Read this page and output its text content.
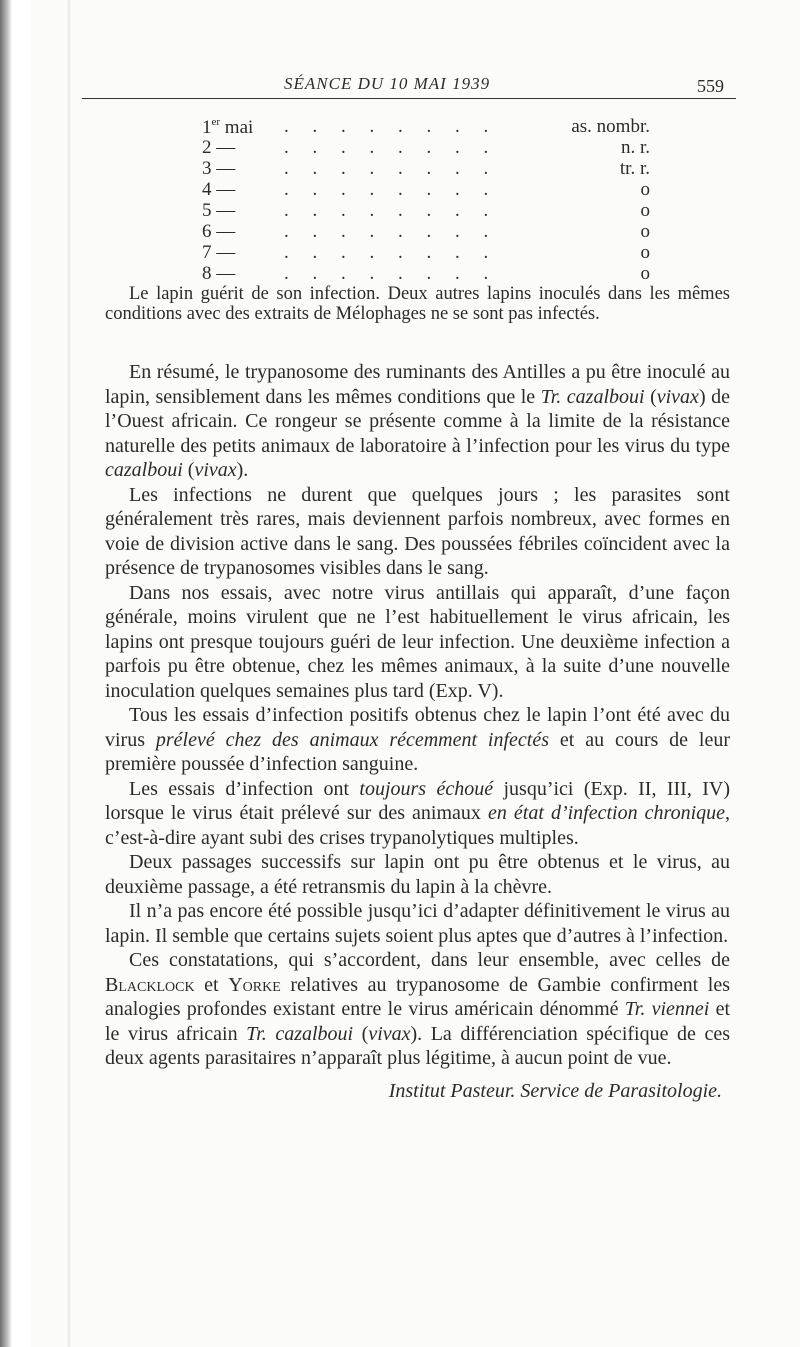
SÉANCE DU 10 MAI 1939	559
1er mai . . . . . . . .	as. nombr.
2 —	. . . . . . . .	n. r.
3 —	. . . . . . . .	tr. r.
4 —	. . . . . . . .	o
5 —	. . . . . . . .	o
6 —	. . . . . . . .	o
7 —	. . . . . . . .	o
8 —	. . . . . . . .	o

Le lapin guérit de son infection. Deux autres lapins inoculés dans les mêmes conditions avec des extraits de Mélophages ne se sont pas infectés.

En résumé, le trypanosome des ruminants des Antilles a pu être inoculé au lapin, sensiblement dans les mêmes conditions que le Tr. cazalboui (vivax) de l’Ouest africain. Ce rongeur se présente comme à la limite de la résistance naturelle des petits animaux de laboratoire à l’infection pour les virus du type cazalboui (vivax).

Les infections ne durent que quelques jours ; les parasites sont généralement très rares, mais deviennent parfois nombreux, avec formes en voie de division active dans le sang. Des poussées fébriles coïncident avec la présence de trypanosomes visibles dans le sang.

Dans nos essais, avec notre virus antillais qui apparaît, d’une façon générale, moins virulent que ne l’est habituellement le virus africain, les lapins ont presque toujours guéri de leur infection. Une deuxième infection a parfois pu être obtenue, chez les mêmes animaux, à la suite d’une nouvelle inoculation quelques semaines plus tard (Exp. V).

Tous les essais d’infection positifs obtenus chez le lapin l’ont été avec du virus prélevé chez des animaux récemment infectés et au cours de leur première poussée d’infection sanguine.

Les essais d’infection ont toujours échoué jusqu’ici (Exp. II, III, IV) lorsque le virus était prélevé sur des animaux en état d’infection chronique, c’est-à-dire ayant subi des crises trypanolytiques multiples.

Deux passages successifs sur lapin ont pu être obtenus et le virus, au deuxième passage, a été retransmis du lapin à la chèvre.

Il n’a pas encore été possible jusqu’ici d’adapter définitivement le virus au lapin. Il semble que certains sujets soient plus aptes que d’autres à l’infection.

Ces constatations, qui s’accordent, dans leur ensemble, avec celles de Blacklock et Yorke relatives au trypanosome de Gambie confirment les analogies profondes existant entre le virus américain dénommé Tr. viennei et le virus africain Tr. cazalboui (vivax). La différenciation spécifique de ces deux agents parasitaires n’apparaît plus légitime, à aucun point de vue.

Institut Pasteur. Service de Parasitologie.
